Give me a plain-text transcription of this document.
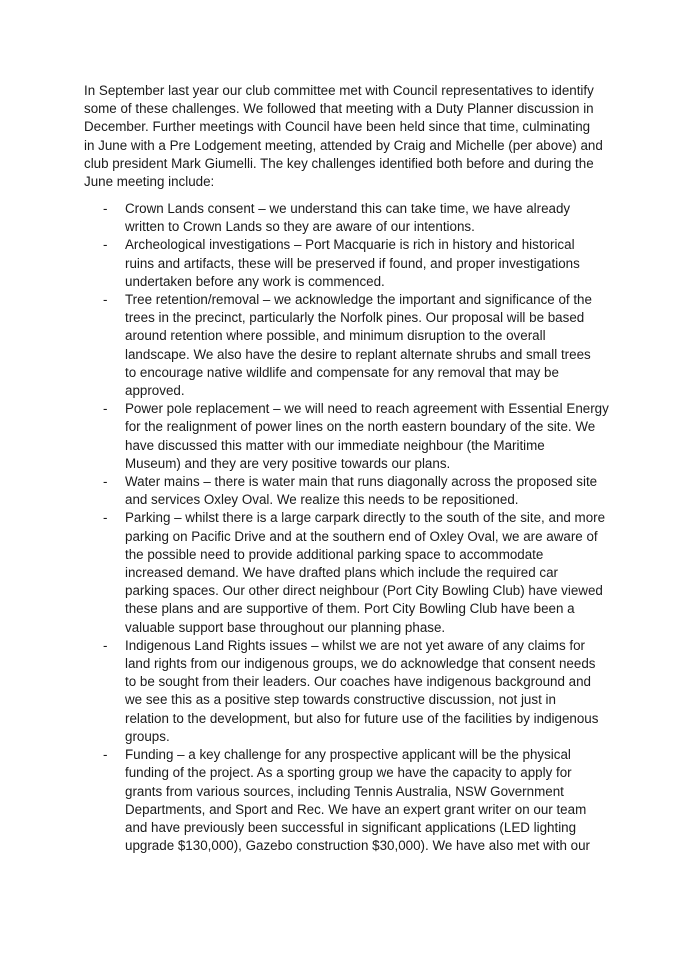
In September last year our club committee met with Council representatives to identify
some of these challenges. We followed that meeting with a Duty Planner discussion in
December. Further meetings with Council have been held since that time, culminating
in June with a Pre Lodgement meeting, attended by Craig and Michelle (per above) and
club president Mark Giumelli. The key challenges identified both before and during the
June meeting include:

-	Crown Lands consent – we understand this can take time, we have already
written to Crown Lands so they are aware of our intentions.
-	Archeological investigations – Port Macquarie is rich in history and historical
ruins and artifacts, these will be preserved if found, and proper investigations
undertaken before any work is commenced.
-	Tree retention/removal – we acknowledge the important and significance of the
trees in the precinct, particularly the Norfolk pines. Our proposal will be based
around retention where possible, and minimum disruption to the overall
landscape. We also have the desire to replant alternate shrubs and small trees
to encourage native wildlife and compensate for any removal that may be
approved.
-	Power pole replacement – we will need to reach agreement with Essential Energy
for the realignment of power lines on the north eastern boundary of the site. We
have discussed this matter with our immediate neighbour (the Maritime
Museum) and they are very positive towards our plans.
-	Water mains – there is water main that runs diagonally across the proposed site
and services Oxley Oval. We realize this needs to be repositioned.
-	Parking – whilst there is a large carpark directly to the south of the site, and more
parking on Pacific Drive and at the southern end of Oxley Oval, we are aware of
the possible need to provide additional parking space to accommodate
increased demand. We have drafted plans which include the required car
parking spaces. Our other direct neighbour (Port City Bowling Club) have viewed
these plans and are supportive of them. Port City Bowling Club have been a
valuable support base throughout our planning phase.
-	Indigenous Land Rights issues – whilst we are not yet aware of any claims for
land rights from our indigenous groups, we do acknowledge that consent needs
to be sought from their leaders. Our coaches have indigenous background and
we see this as a positive step towards constructive discussion, not just in
relation to the development, but also for future use of the facilities by indigenous
groups.
-	Funding – a key challenge for any prospective applicant will be the physical
funding of the project. As a sporting group we have the capacity to apply for
grants from various sources, including Tennis Australia, NSW Government
Departments, and Sport and Rec. We have an expert grant writer on our team
and have previously been successful in significant applications (LED lighting
upgrade $130,000), Gazebo construction $30,000). We have also met with our
